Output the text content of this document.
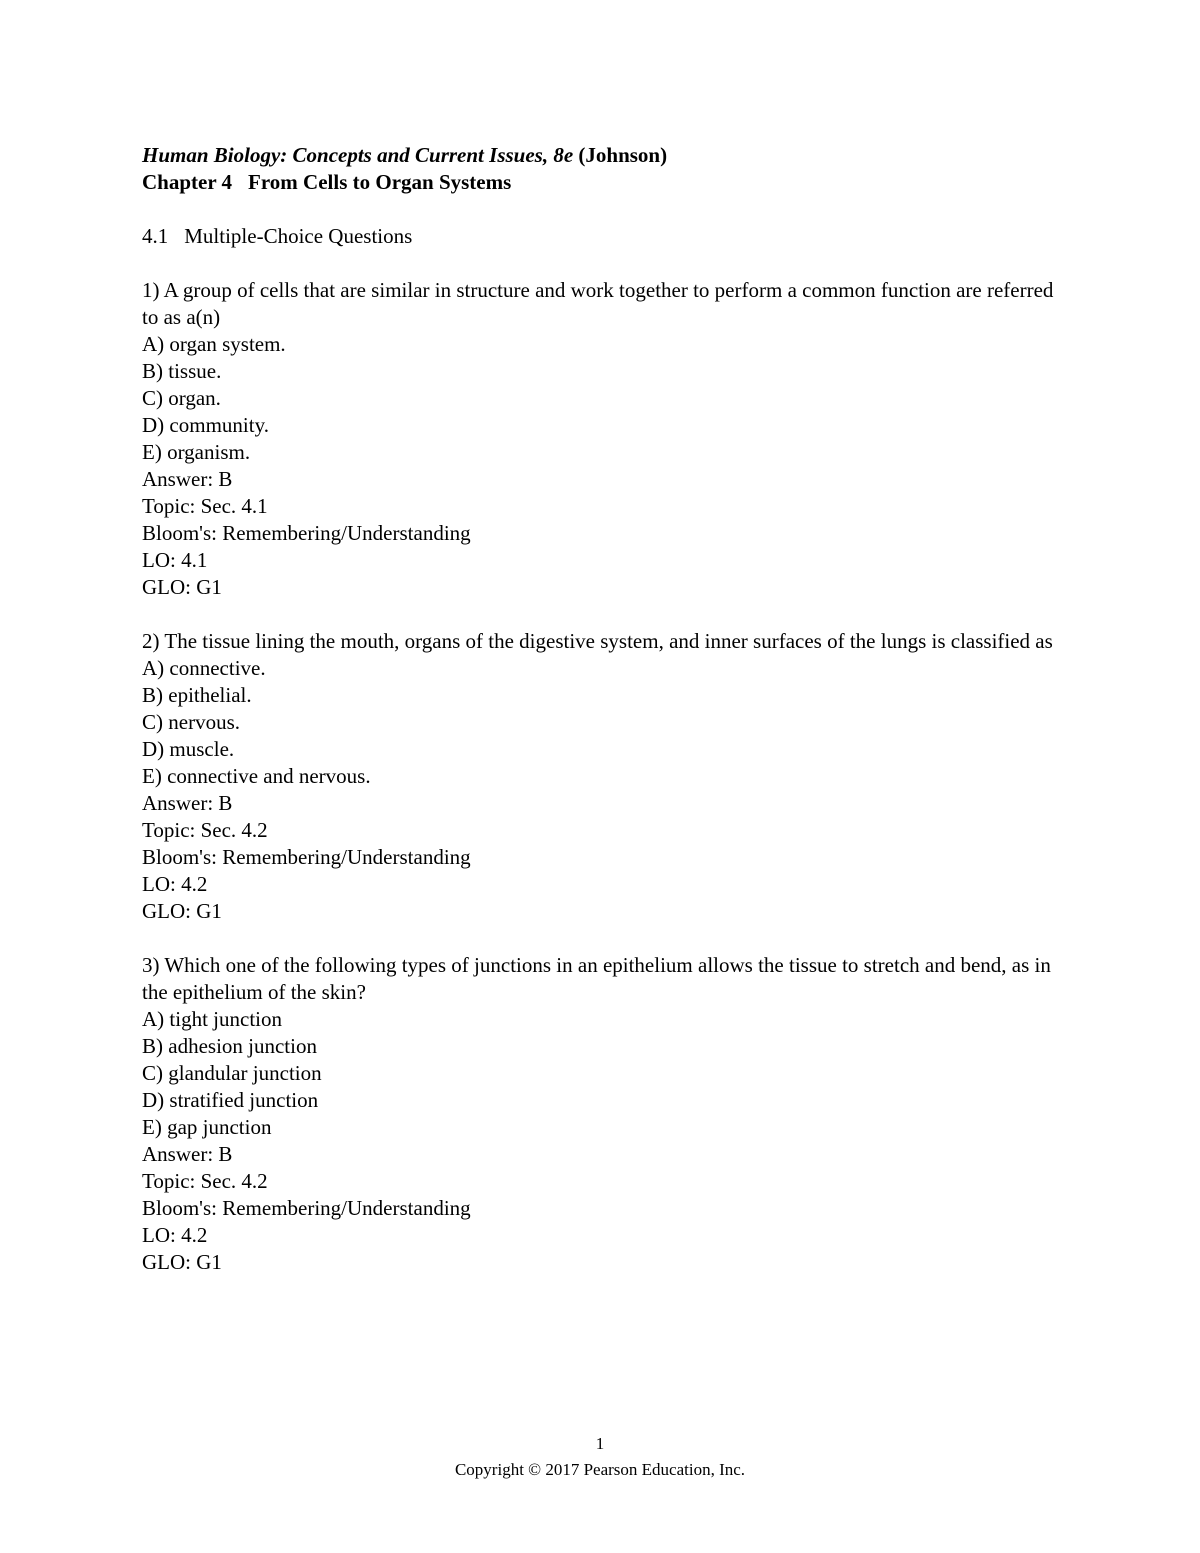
Human Biology: Concepts and Current Issues, 8e (Johnson)
Chapter 4 From Cells to Organ Systems
4.1 Multiple-Choice Questions
1) A group of cells that are similar in structure and work together to perform a common function are referred to as a(n)
A) organ system.
B) tissue.
C) organ.
D) community.
E) organism.
Answer: B
Topic: Sec. 4.1
Bloom's: Remembering/Understanding
LO: 4.1
GLO: G1
2) The tissue lining the mouth, organs of the digestive system, and inner surfaces of the lungs is classified as
A) connective.
B) epithelial.
C) nervous.
D) muscle.
E) connective and nervous.
Answer: B
Topic: Sec. 4.2
Bloom's: Remembering/Understanding
LO: 4.2
GLO: G1
3) Which one of the following types of junctions in an epithelium allows the tissue to stretch and bend, as in the epithelium of the skin?
A) tight junction
B) adhesion junction
C) glandular junction
D) stratified junction
E) gap junction
Answer: B
Topic: Sec. 4.2
Bloom's: Remembering/Understanding
LO: 4.2
GLO: G1
1
Copyright © 2017 Pearson Education, Inc.
